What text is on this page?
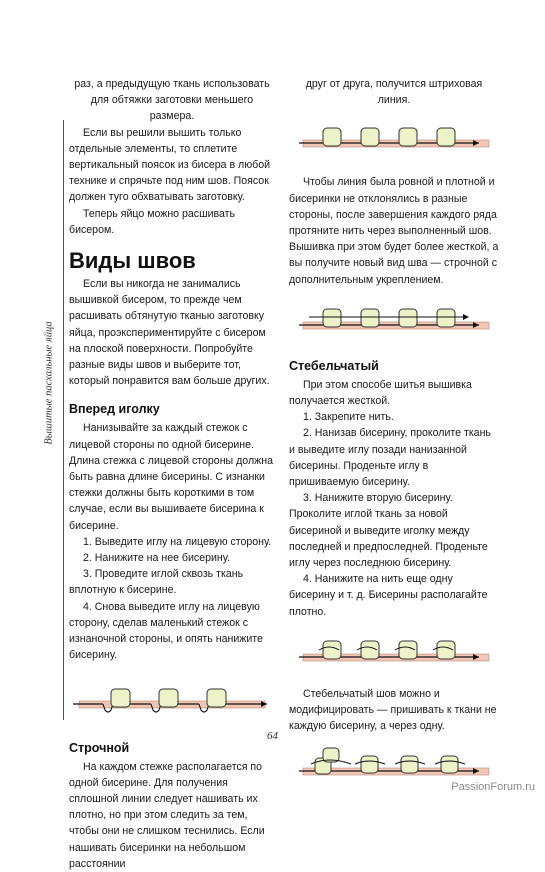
Вышитые пасхальные яйца

раз, а предыдущую ткань использовать для обтяжки заготовки меньшего размера.

Если вы решили вышить только отдельные элементы, то сплетите вертикальный поясок из бисера в любой технике и спрячьте под ним шов. Поясок должен туго обхватывать заготовку.

Теперь яйцо можно расшивать бисером.

Виды швов

Если вы никогда не занимались вышивкой бисером, то прежде чем расшивать обтянутую тканью заготовку яйца, проэкспериментируйте с бисером на плоской поверхности. Попробуйте разные виды швов и выберите тот, который понравится вам больше других.

Вперед иголку

Нанизывайте за каждый стежок с лицевой стороны по одной бисерине. Длина стежка с лицевой стороны должна быть равна длине бисерины. С изнанки стежки должны быть короткими в том случае, если вы вышиваете бисерина к бисерине.

1. Выведите иглу на лицевую сторону.

2. Нанижите на нее бисерину.

3. Проведите иглой сквозь ткань вплотную к бисерине.

4. Снова выведите иглу на лицевую сторону, сделав маленький стежок с изнаночной стороны, и опять нанижите бисерину.

Строчной

На каждом стежке располагается по одной бисерине. Для получения сплошной линии следует нашивать их плотно, но при этом следить за тем, чтобы они не слишком теснились. Если нашивать бисеринки на небольшом расстоянии

друг от друга, получится штриховая линия.

Чтобы линия была ровной и плотной и бисеринки не отклонялись в разные стороны, после завершения каждого ряда протяните нить через выполненный шов. Вышивка при этом будет более жесткой, а вы получите новый вид шва — строчной с дополнительным укреплением.

Стебельчатый

При этом способе шитья вышивка получается жесткой.

1. Закрепите нить.

2. Нанизав бисерину, проколите ткань и выведите иглу позади нанизанной бисерины. Проденьте иглу в пришиваемую бисерину.

3. Нанижите вторую бисерину. Проколите иглой ткань за новой бисериной и выведите иголку между последней и предпоследней. Проденьте иглу через последнюю бисерину.

4. Нанижите на нить еще одну бисерину и т. д. Бисерины располагайте плотно.

Стебельчатый шов можно и модифицировать — пришивать к ткани не каждую бисерину, а через одну.

64
PassionForum.ru
